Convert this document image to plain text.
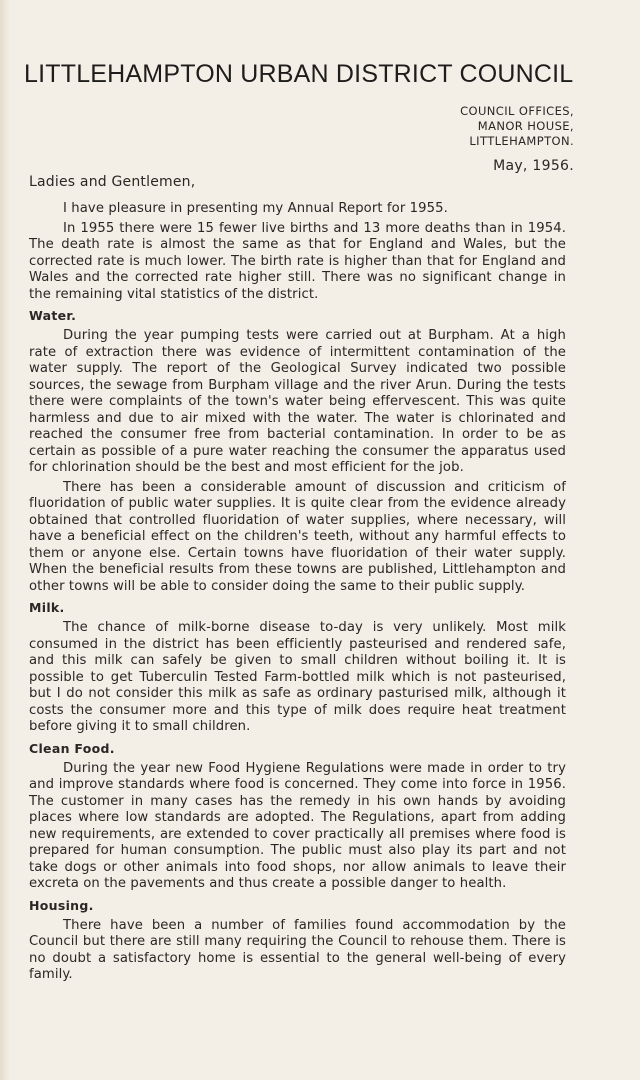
LITTLEHAMPTON URBAN DISTRICT COUNCIL
COUNCIL OFFICES,
MANOR HOUSE,
LITTLEHAMPTON.
May, 1956.
Ladies and Gentlemen,

I have pleasure in presenting my Annual Report for 1955.

In 1955 there were 15 fewer live births and 13 more deaths than in 1954. The death rate is almost the same as that for England and Wales, but the corrected rate is much lower. The birth rate is higher than that for England and Wales and the corrected rate higher still. There was no significant change in the remaining vital statistics of the district.

Water.

During the year pumping tests were carried out at Burpham. At a high rate of extraction there was evidence of intermittent contamination of the water supply. The report of the Geological Survey indicated two possible sources, the sewage from Burpham village and the river Arun. During the tests there were complaints of the town's water being effervescent. This was quite harmless and due to air mixed with the water. The water is chlorinated and reached the consumer free from bacterial contamination. In order to be as certain as possible of a pure water reaching the consumer the apparatus used for chlorination should be the best and most efficient for the job.

There has been a considerable amount of discussion and criticism of fluoridation of public water supplies. It is quite clear from the evidence already obtained that controlled fluoridation of water supplies, where necessary, will have a beneficial effect on the children's teeth, without any harmful effects to them or anyone else. Certain towns have fluoridation of their water supply. When the beneficial results from these towns are published, Littlehampton and other towns will be able to consider doing the same to their public supply.

Milk.

The chance of milk-borne disease to-day is very unlikely. Most milk consumed in the district has been efficiently pasteurised and rendered safe, and this milk can safely be given to small children without boiling it. It is possible to get Tuberculin Tested Farm-bottled milk which is not pasteurised, but I do not consider this milk as safe as ordinary pasturised milk, although it costs the consumer more and this type of milk does require heat treatment before giving it to small children.

Clean Food.

During the year new Food Hygiene Regulations were made in order to try and improve standards where food is concerned. They come into force in 1956. The customer in many cases has the remedy in his own hands by avoiding places where low standards are adopted. The Regulations, apart from adding new requirements, are extended to cover practically all premises where food is prepared for human consumption. The public must also play its part and not take dogs or other animals into food shops, nor allow animals to leave their excreta on the pavements and thus create a possible danger to health.

Housing.

There have been a number of families found accommodation by the Council but there are still many requiring the Council to rehouse them. There is no doubt a satisfactory home is essential to the general well-being of every family.
